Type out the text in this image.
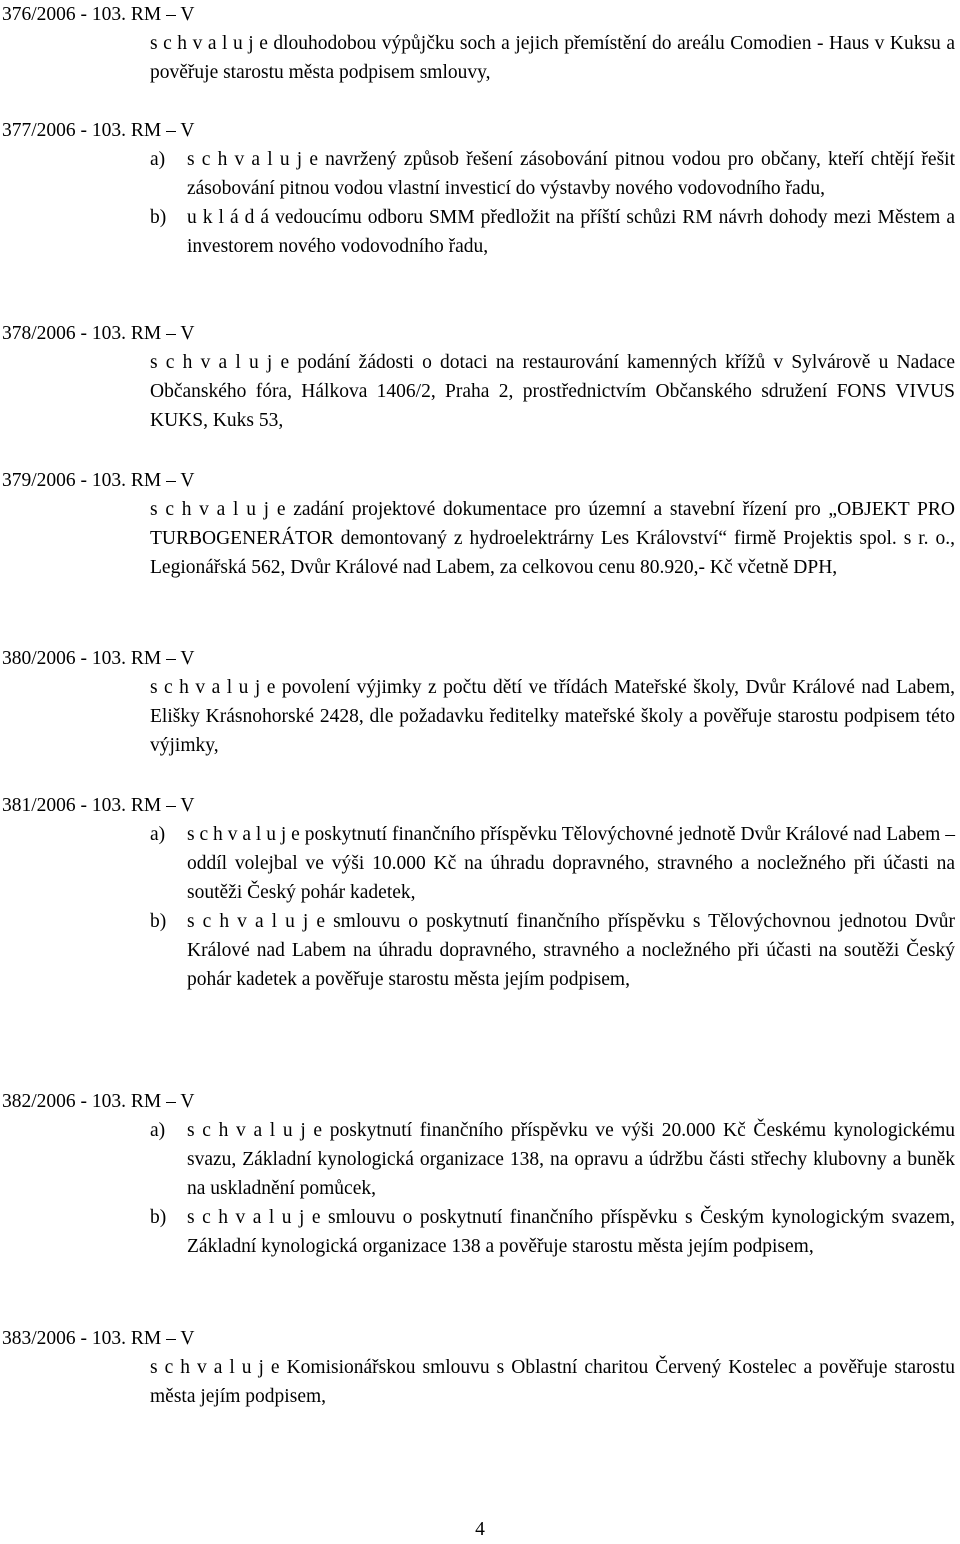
376/2006 - 103. RM – V

s c h v a l u j e dlouhodobou výpůjčku soch a jejich přemístění do areálu Comodien - Haus v Kuksu a pověřuje starostu města podpisem smlouvy,

377/2006 - 103. RM – V
a)	s c h v a l u j e navržený způsob řešení zásobování pitnou vodou pro občany, kteří chtějí řešit zásobování pitnou vodou vlastní investicí do výstavby nového vodovodního řadu,
b)	u k l á d á vedoucímu odboru SMM předložit na příští schůzi RM návrh dohody mezi Městem a investorem nového vodovodního řadu,
378/2006 - 103. RM – V

s c h v a l u j e podání žádosti o dotaci na restaurování kamenných křížů v Sylvárově u Nadace Občanského fóra, Hálkova 1406/2, Praha 2, prostřednictvím Občanského sdružení FONS VIVUS KUKS, Kuks 53,

379/2006 - 103. RM – V

s c h v a l u j e zadání projektové dokumentace pro územní a stavební řízení pro „OBJEKT PRO TURBOGENERÁTOR demontovaný z hydroelektrárny Les Království“ firmě Projektis spol. s r. o., Legionářská 562, Dvůr Králové nad Labem, za celkovou cenu 80.920,- Kč včetně DPH,

380/2006 - 103. RM – V

s c h v a l u j e povolení výjimky z počtu dětí ve třídách Mateřské školy, Dvůr Králové nad Labem, Elišky Krásnohorské 2428, dle požadavku ředitelky mateřské školy a pověřuje starostu podpisem této výjimky,

381/2006 - 103. RM – V
a)	s c h v a l u j e poskytnutí finančního příspěvku Tělovýchovné jednotě Dvůr Králové nad Labem – oddíl volejbal ve výši 10.000 Kč na úhradu dopravného, stravného a nocležného při účasti na soutěži Český pohár kadetek,
b)	s c h v a l u j e smlouvu o poskytnutí finančního příspěvku s Tělovýchovnou jednotou Dvůr Králové nad Labem na úhradu dopravného, stravného a nocležného při účasti na soutěži Český pohár kadetek a pověřuje starostu města jejím podpisem,
382/2006 - 103. RM – V
a)	s c h v a l u j e poskytnutí finančního příspěvku ve výši 20.000 Kč Českému kynologickému svazu, Základní kynologická organizace 138, na opravu a údržbu části střechy klubovny a buněk na uskladnění pomůcek,
b)	s c h v a l u j e smlouvu o poskytnutí finančního příspěvku s Českým kynologickým svazem, Základní kynologická organizace 138 a pověřuje starostu města jejím podpisem,
383/2006 - 103. RM – V

s c h v a l u j e Komisionářskou smlouvu s Oblastní charitou Červený Kostelec a pověřuje starostu města jejím podpisem,

4
